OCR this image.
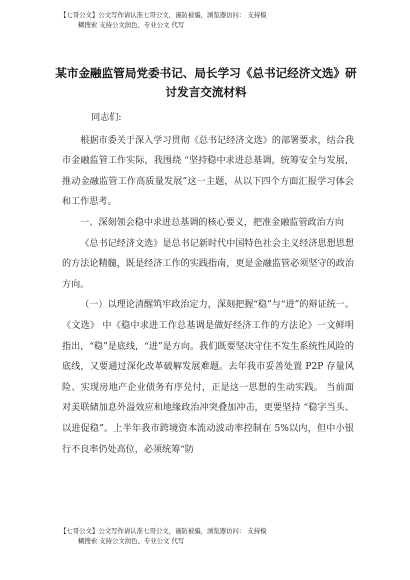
【七哥公文】公文写作请认准七哥公文，谨防被骗，浏览器访问： 支持模
糊搜索 支持公文润色、专业公文 代写
某市金融监管局党委书记、局长学习《总书记经济文选》研
讨发言交流材料

同志们:

根据市委关于深入学习贯彻《总书记经济文选》的部署要求，结合我市金融监管工作实际，我围绕 “坚持稳中求进总基调，统筹安全与发展，推动金融监管工作高质量发展”这一主题，从以下四个方面汇报学习体会和工作思考。

一、深刻领会稳中求进总基调的核心要义，把准金融监管政治方向

《总书记经济文选》是总书记新时代中国特色社会主义经济思想思想的方法论精髓，既是经济工作的实践指南，更是金融监管必须坚守的政治方向。

（一）以理论清醒筑牢政治定力，深刻把握“稳”与“进”的辩证统一。《文选》 中《稳中求进工作总基调是做好经济工作的方法论》一文鲜明指出，“稳”是底线，“进”是方向。我们既要坚决守住不发生系统性风险的底线，又要通过深化改革破解发展难题。去年我市妥善处置 P2P 存量风险、实现房地产企业债务有序兑付，正是这一思想的生动实践。 当前面对美联储加息外溢效应和地缘政治冲突叠加冲击，更要坚持 “稳字当头、 以进促稳”。上半年我市跨境资本流动波动率控制在 5%以内，但中小银行不良率仍处高位，必须统筹“防

【七哥公文】公文写作请认准七哥公文，谨防被骗，浏览器访问： 支持模
糊搜索 支持公文润色、专业公文 代写
